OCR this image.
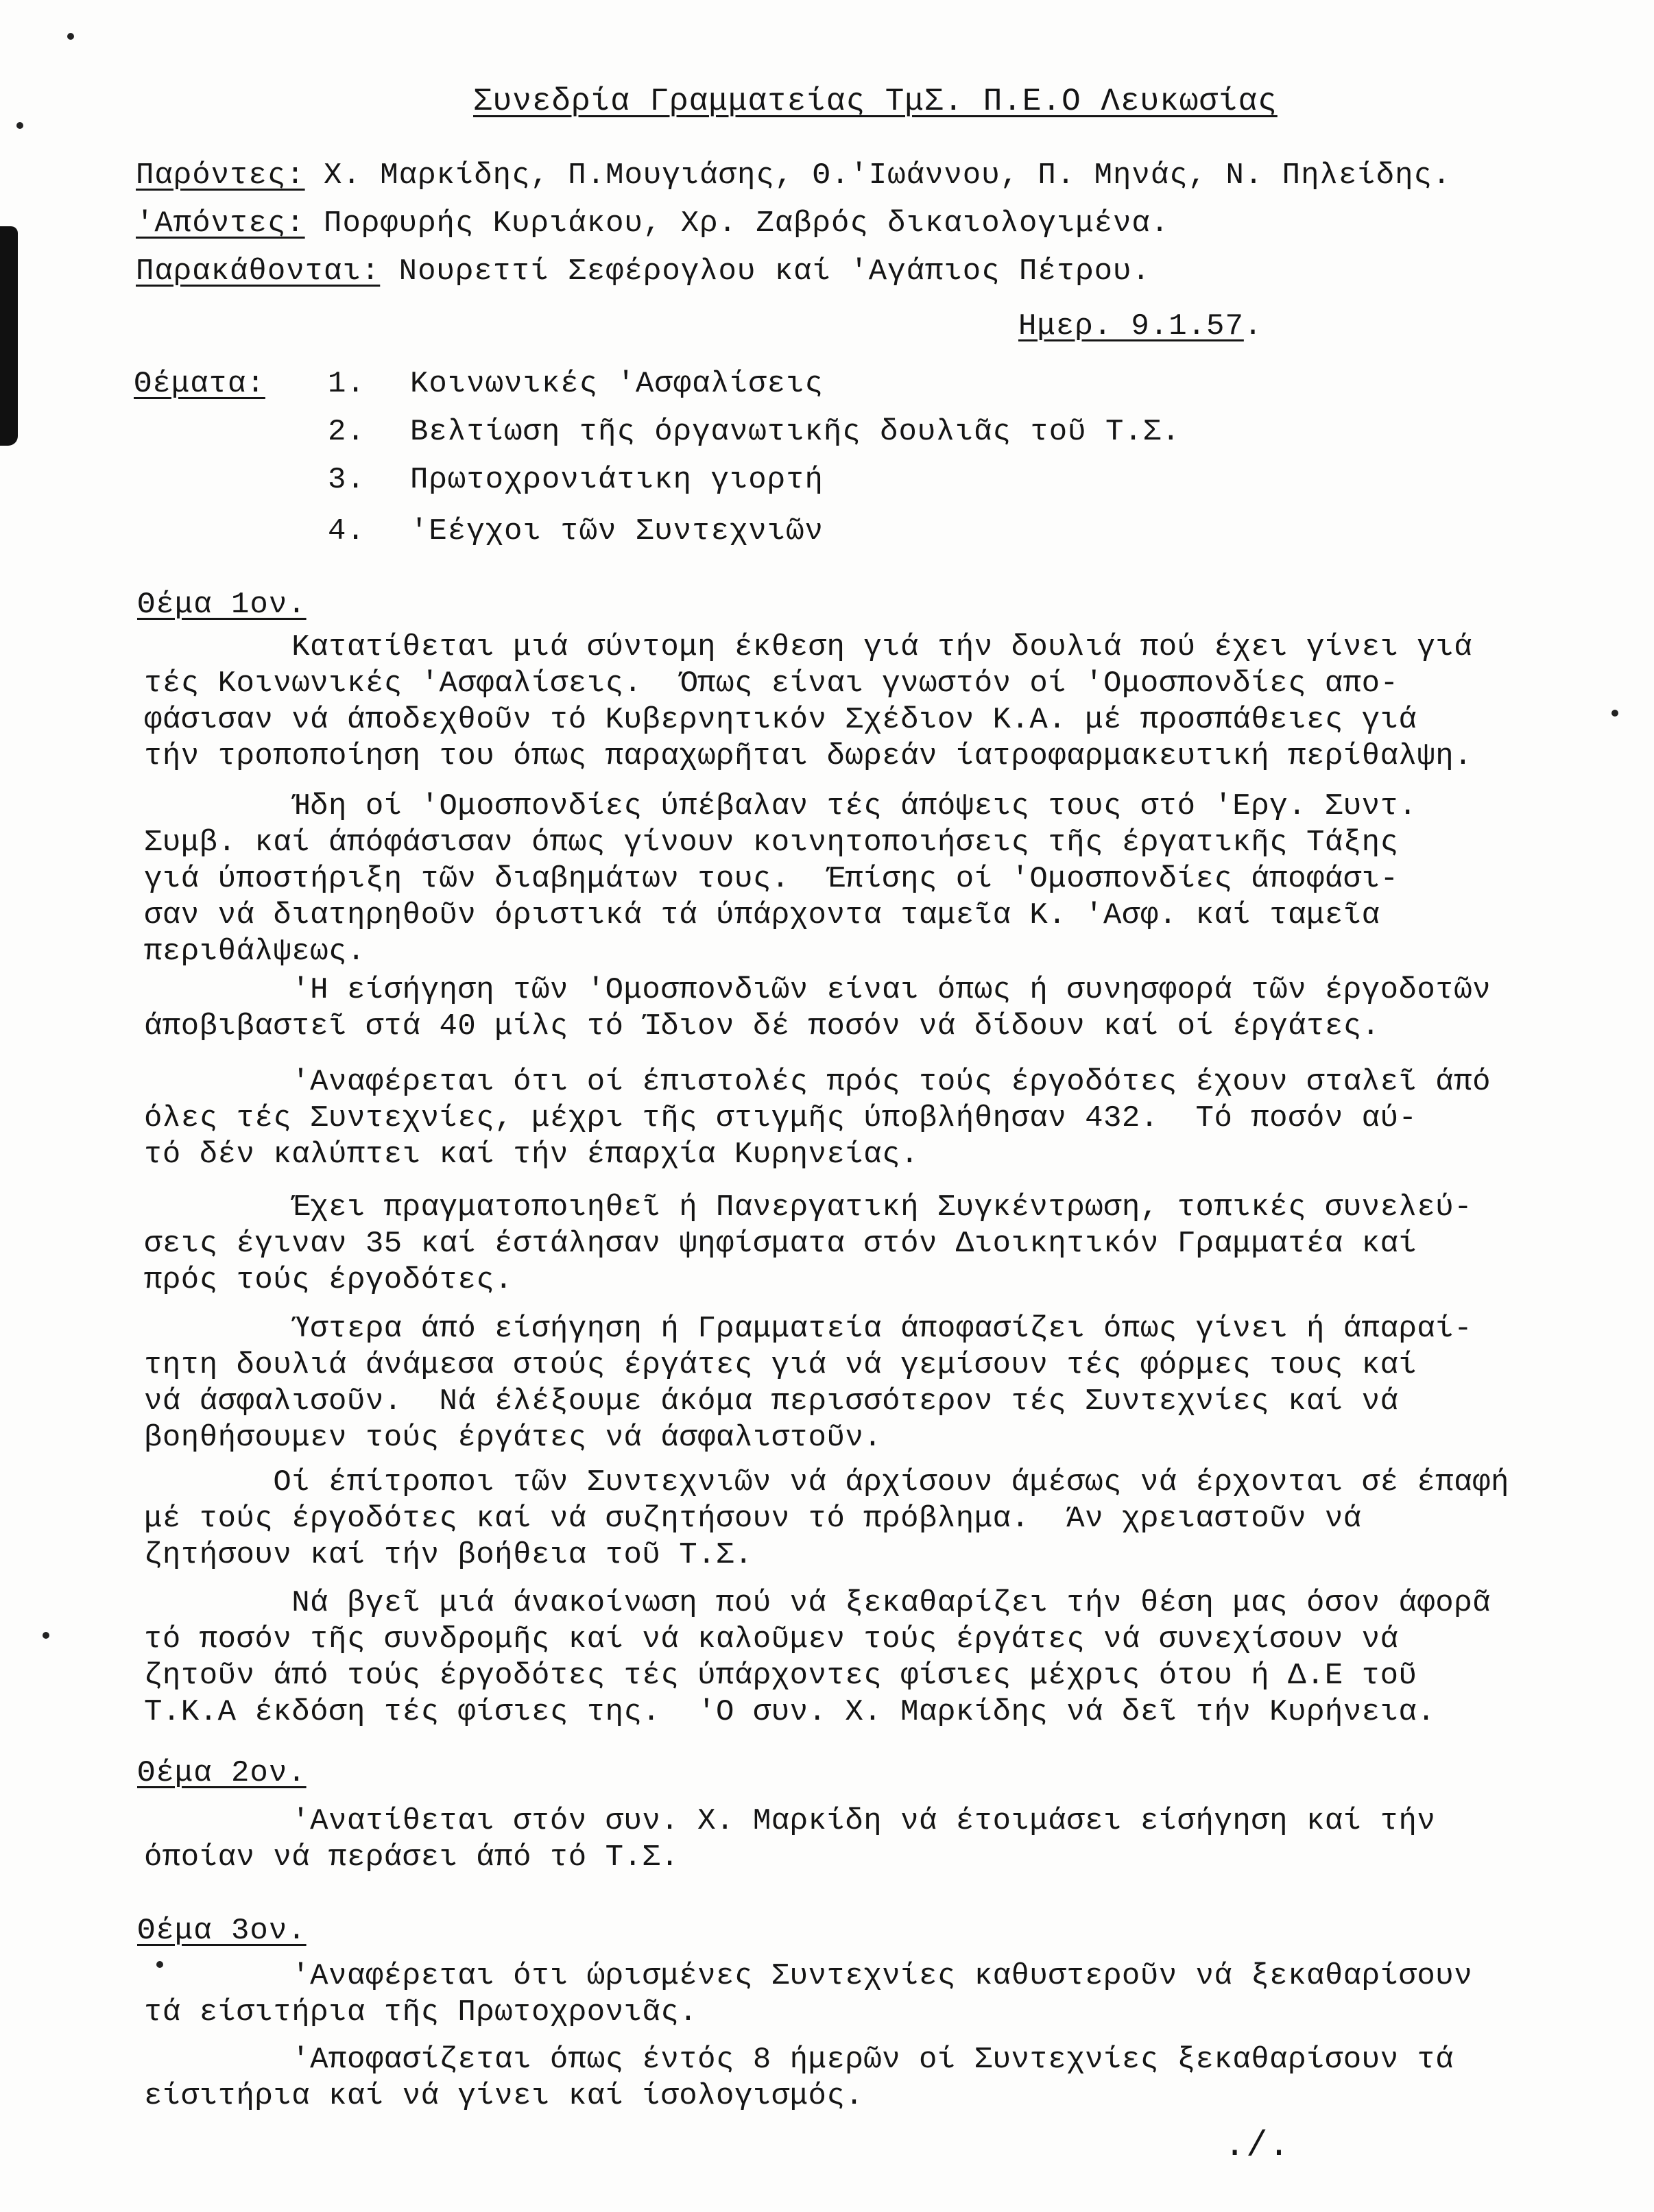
Συνεδρία Γραμματείας ΤμΣ. Π.Ε.Ο Λευκωσίας
Παρόντες: Χ. Μαρκίδης, Π.Μουγιάσης, Θ.'Ιωάννου, Π. Μηνάς, Ν. Πηλείδης.
'Απόντες: Πορφυρής Κυριάκου, Χρ. Ζαβρός δικαιολογιμένα.
Παρακάθονται: Νουρεττί Σεφέρογλου καί 'Αγάπιος Πέτρου.
Ημερ. 9.1.57.
Θέματα: 1. Κοινωνικές 'Ασφαλίσεις
2. Βελτίωση τῆς όργανωτικῆς δουλιᾶς τοῦ Τ.Σ.
3. Πρωτοχρονιάτικη γιορτή
4. 'Εέγχοι τῶν Συντεχνιῶν
Θέμα 1ον.
Κατατίθεται μιά σύντομη έκθεση γιά τήν δουλιά πού έχει γίνει γιά
τές Κοινωνικές 'Ασφαλίσεις.  Όπως είναι γνωστόν οί 'Ομοσπονδίες απο-
φάσισαν νά άποδεχθοῦν τό Κυβερνητικόν Σχέδιον Κ.Α. μέ προσπάθειες γιά
τήν τροποποίηση του όπως παραχωρῆται δωρεάν ίατροφαρμακευτική περίθαλψη.
Ήδη οί 'Ομοσπονδίες ύπέβαλαν τές άπόψεις τους στό 'Εργ. Συντ.
Συμβ. καί άπόφάσισαν όπως γίνουν κοινητοποιήσεις τῆς έργατικῆς Τάξης
γιά ύποστήριξη τῶν διαβημάτων τους.  Έπίσης οί 'Ομοσπονδίες άποφάσι-
σαν νά διατηρηθοῦν όριστικά τά ύπάρχοντα ταμεῖα Κ. 'Ασφ. καί ταμεῖα
περιθάλψεως.
'Η είσήγηση τῶν 'Ομοσπονδιῶν είναι όπως ή συνησφορά τῶν έργοδοτῶν
άποβιβαστεῖ στά 40 μίλς τό Ίδιον δέ ποσόν νά δίδουν καί οί έργάτες.
'Αναφέρεται ότι οί έπιστολές πρός τούς έργοδότες έχουν σταλεῖ άπό
όλες τές Συντεχνίες, μέχρι τῆς στιγμῆς ύποβλήθησαν 432.  Τό ποσόν αύ-
τό δέν καλύπτει καί τήν έπαρχία Κυρηνείας.
Έχει πραγματοποιηθεῖ ή Πανεργατική Συγκέντρωση, τοπικές συνελεύ-
σεις έγιναν 35 καί έστάλησαν ψηφίσματα στόν Διοικητικόν Γραμματέα καί
πρός τούς έργοδότες.
Ύστερα άπό είσήγηση ή Γραμματεία άποφασίζει όπως γίνει ή άπαραί-
τητη δουλιά άνάμεσα στούς έργάτες γιά νά γεμίσουν τές φόρμες τους καί
νά άσφαλισοῦν.  Νά έλέξουμε άκόμα περισσότερον τές Συντεχνίες καί νά
βοηθήσουμεν τούς έργάτες νά άσφαλιστοῦν.
Οί έπίτροποι τῶν Συντεχνιῶν νά άρχίσουν άμέσως νά έρχονται σέ έπαφή
μέ τούς έργοδότες καί νά συζητήσουν τό πρόβλημα.  Άν χρειαστοῦν νά
ζητήσουν καί τήν βοήθεια τοῦ Τ.Σ.
Νά βγεῖ μιά άνακοίνωση πού νά ξεκαθαρίζει τήν θέση μας όσον άφορᾶ
τό ποσόν τῆς συνδρομῆς καί νά καλοῦμεν τούς έργάτες νά συνεχίσουν νά
ζητοῦν άπό τούς έργοδότες τές ύπάρχοντες φίσιες μέχρις ότου ή Δ.Ε τοῦ
Τ.Κ.Α έκδόση τές φίσιες της.  'Ο συν. Χ. Μαρκίδης νά δεῖ τήν Κυρήνεια.
Θέμα 2ον.
'Ανατίθεται στόν συν. Χ. Μαρκίδη νά έτοιμάσει είσήγηση καί τήν
όποίαν νά περάσει άπό τό Τ.Σ.
Θέμα 3ον.
'Αναφέρεται ότι ώρισμένες Συντεχνίες καθυστεροῦν νά ξεκαθαρίσουν
τά είσιτήρια τῆς Πρωτοχρονιᾶς.
'Αποφασίζεται όπως έντός 8 ήμερῶν οί Συντεχνίες ξεκαθαρίσουν τά
είσιτήρια καί νά γίνει καί ίσολογισμός.
./.
